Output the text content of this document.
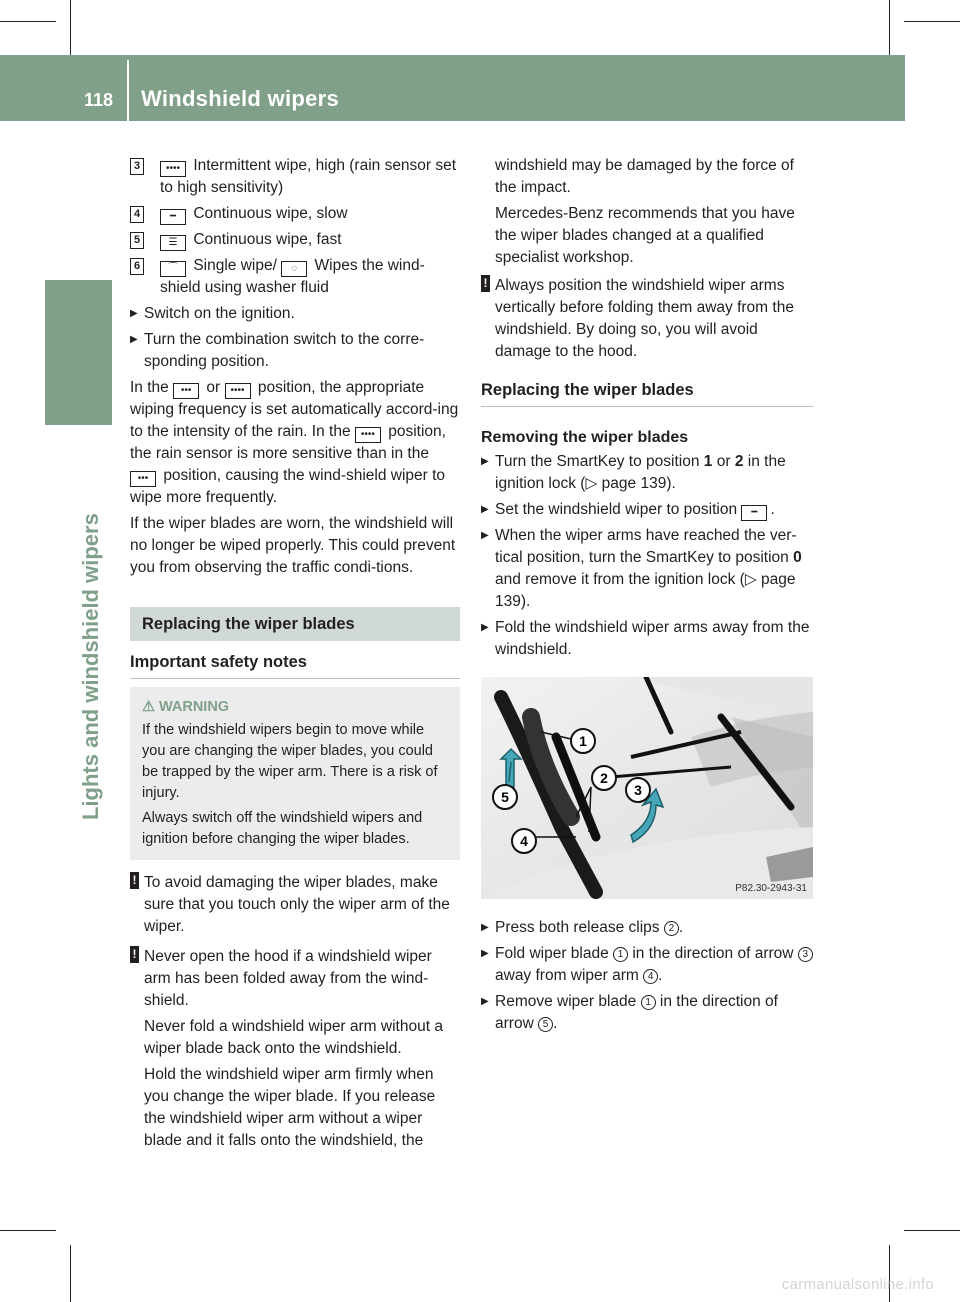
118 Windshield wipers
Lights and windshield wipers
3	•••• Intermittent wipe, high (rain sensor set to high sensitivity)
4	━ Continuous wipe, slow
5	☰ Continuous wipe, fast
6	⌒ Single wipe/ ◌ Wipes the wind-shield using washer fluid
▶ Switch on the ignition.
▶ Turn the combination switch to the corre-sponding position.

In the ••• or •••• position, the appropriate wiping frequency is set automatically accord-ing to the intensity of the rain. In the •••• position, the rain sensor is more sensitive than in the ••• position, causing the wind-shield wiper to wipe more frequently.

If the wiper blades are worn, the windshield will no longer be wiped properly. This could prevent you from observing the traffic condi-tions.

Replacing the wiper blades
Important safety notes
⚠ WARNING
If the windshield wipers begin to move while you are changing the wiper blades, you could be trapped by the wiper arm. There is a risk of injury.
Always switch off the windshield wipers and ignition before changing the wiper blades.
! To avoid damaging the wiper blades, make sure that you touch only the wiper arm of the wiper.
! Never open the hood if a windshield wiper arm has been folded away from the wind-shield.
Never fold a windshield wiper arm without a wiper blade back onto the windshield.
Hold the windshield wiper arm firmly when you change the wiper blade. If you release the windshield wiper arm without a wiper blade and it falls onto the windshield, the

windshield may be damaged by the force of the impact.

Mercedes-Benz recommends that you have the wiper blades changed at a qualified specialist workshop.

! Always position the windshield wiper arms vertically before folding them away from the windshield. By doing so, you will avoid damage to the hood.
Replacing the wiper blades
Removing the wiper blades
▶ Turn the SmartKey to position 1 or 2 in the ignition lock (▷ page 139).
▶ Set the windshield wiper to position ━ .
▶ When the wiper arms have reached the ver-tical position, turn the SmartKey to position 0 and remove it from the ignition lock (▷ page 139).
▶ Fold the windshield wiper arms away from the windshield.
1
2
3
4
5
P82.30-2943-31
▶ Press both release clips 2 .
▶ Fold wiper blade 1 in the direction of arrow 3 away from wiper arm 4 .
▶ Remove wiper blade 1 in the direction of arrow 5 .
carmanualsonline.info
